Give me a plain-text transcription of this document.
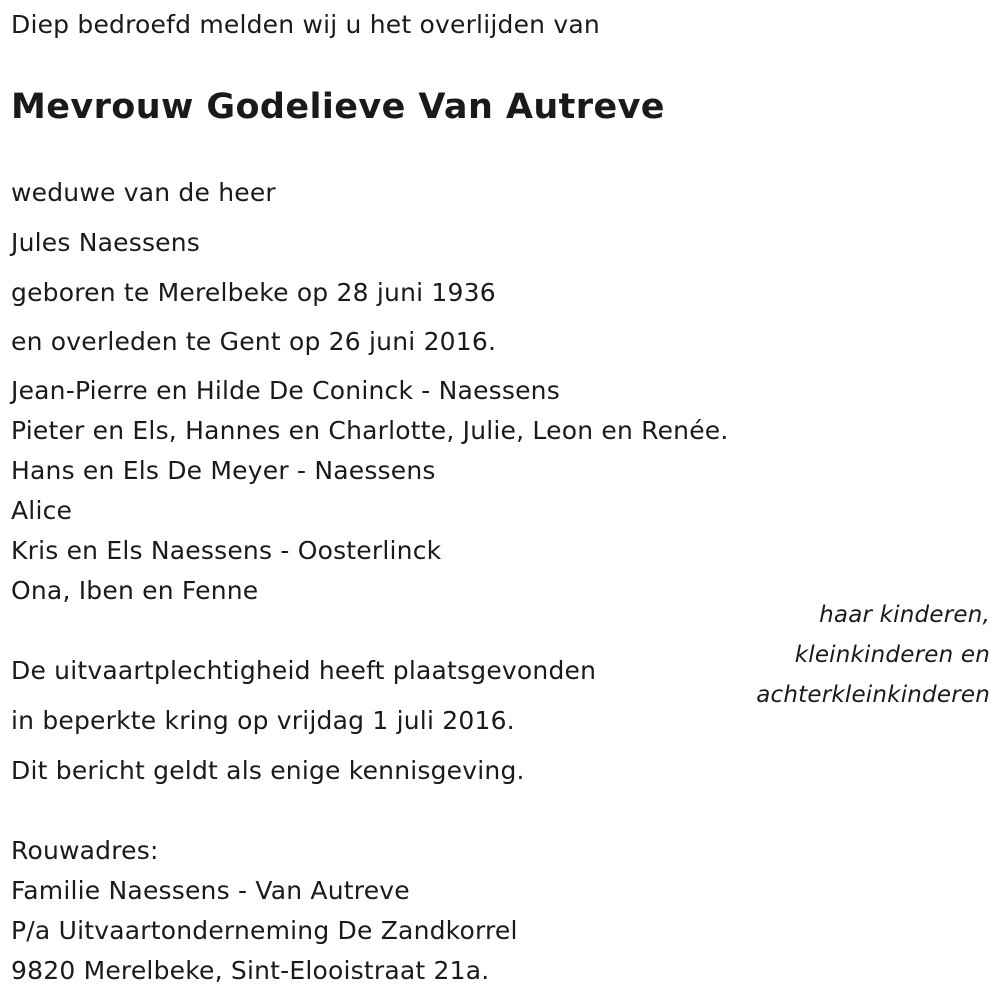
Diep bedroefd melden wij u het overlijden van

Mevrouw Godelieve Van Autreve

weduwe van de heer

Jules Naessens

geboren te Merelbeke op 28 juni 1936

en overleden te Gent op 26 juni 2016.

Jean-Pierre en Hilde De Coninck - Naessens

Pieter en Els, Hannes en Charlotte, Julie, Leon en Renée.

Hans en Els De Meyer - Naessens

Alice

Kris en Els Naessens - Oosterlinck

Ona, Iben en Fenne

haar kinderen,

kleinkinderen en

achterkleinkinderen

De uitvaartplechtigheid heeft plaatsgevonden

in beperkte kring op vrijdag 1 juli 2016.

Dit bericht geldt als enige kennisgeving.

Rouwadres:

Familie Naessens - Van Autreve

P/a Uitvaartonderneming De Zandkorrel

9820 Merelbeke, Sint-Elooistraat 21a.
